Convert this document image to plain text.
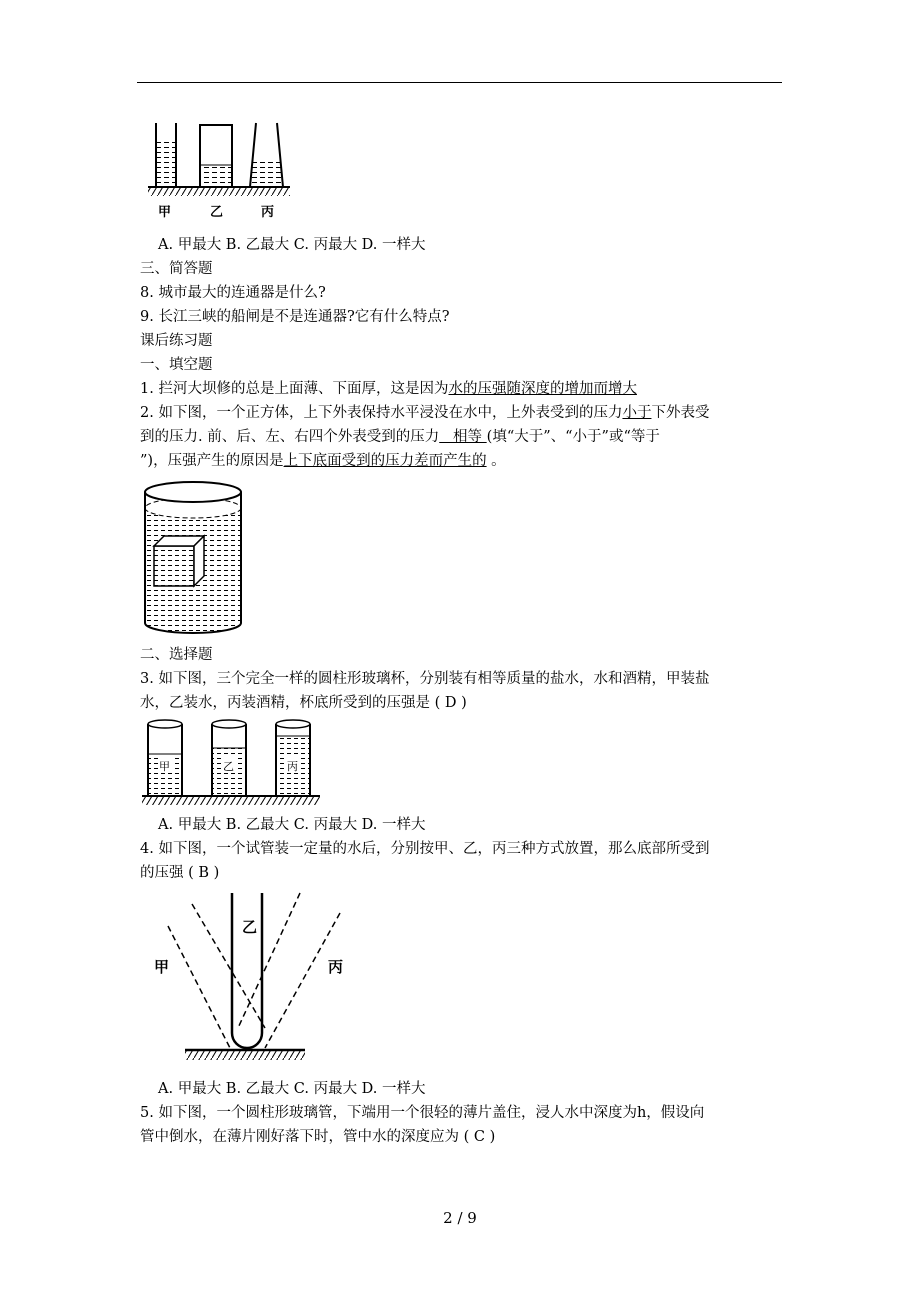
甲	乙	丙
A. 甲最大 B. 乙最大 C. 丙最大 D. 一样大
三、简答题
8. 城市最大的连通器是什么?
9. 长江三峡的船闸是不是连通器?它有什么特点?
课后练习题
一、填空题
1. 拦河大坝修的总是上面薄、下面厚，这是因为水的压强随深度的增加而增大
2. 如下图，一个正方体，上下外表保持水平浸没在水中，上外表受到的压力小于下外表受
到的压力. 前、后、左、右四个外表受到的压力   相等 (填“大于”、“小于”或“等于
”)，压强产生的原因是上下底面受到的压力差而产生的 。
二、选择题
3. 如下图，三个完全一样的圆柱形玻璃杯，分别装有相等质量的盐水，水和酒精，甲装盐
水，乙装水，丙装酒精，杯底所受到的压强是 ( D )
甲	乙	丙
A. 甲最大 B. 乙最大 C. 丙最大 D. 一样大
4. 如下图，一个试管装一定量的水后，分别按甲、乙，丙三种方式放置，那么底部所受到
的压强 ( B )
甲
乙
丙
A. 甲最大 B. 乙最大 C. 丙最大 D. 一样大
5. 如下图，一个圆柱形玻璃管，下端用一个很轻的薄片盖住，浸人水中深度为h，假设向
管中倒水，在薄片刚好落下时，管中水的深度应为 ( C )
2 / 9
